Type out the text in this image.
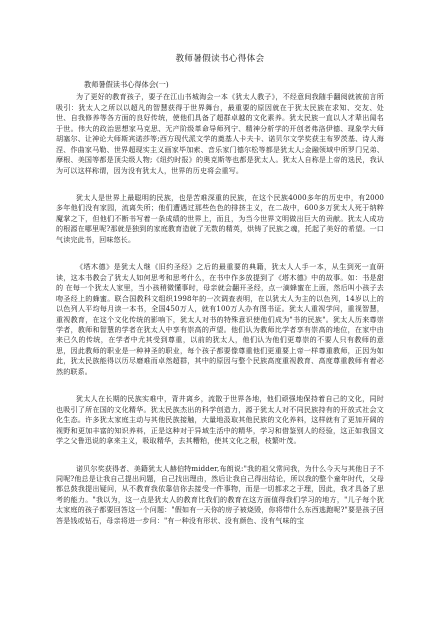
教师暑假读书心得体会
教师暑假读书心得体会(一)

为了更好的教育孩子，要子在江山书城淘会一本《犹太人教子》，不经意间我随手翻阅就被前言所吸引：犹太人之所以以超凡的智慧获得于世界舞台，最重要的原因就在于犹太民族在求知、交友、处世、自我修养等各方面的良好传统，使他们具备了超群卓越的文化素养。犹太民族一直以人才辈出闻名于世。伟大的政治思想家马克思、无产阶级革命导师列宁、精神分析学的开创者弗洛伊德、现象学大师胡塞尔、让神论大师斯宾诺莎等;西方现代派文学的奠基人卡夫卡、诺贝尔文学奖获主布罗茨基、诗人海涅、作曲家马勒、世界超现实主义画家毕加索、音乐家门德尔松等都是犹太人;金融领域中所罗门兄弟、摩根、美国等都是顶尖级人物;《纽约时报》的奥克斯等也都是犹太人。犹太人自称是上帝的选民，我认为可以这样称谓，因为没有犹太人，世界的历史将会重写。

犹太人是世界上最聪明的民族，也是苦难深重的民族，在这个民族4000多年的历史中，有2000多年他们没有家园，流离失所；他们遭遇过那些色色的排挤主义，在二战中，600多万犹太人死于纳粹魔掌之下，但他们不断书写着一条成绩的世界上，而且，为当今世界文明做出巨大的贡献。犹太人成功的根源在哪里呢?那就是独到的家庭教育造就了无数的精英，烘铸了民族之魂，托起了美好的希望。一口气读完此书，回味悠长。

《塔木德》是犹太人继《旧约圣经》之后的最重要的典籍，犹太人人手一本，从生到死一直研读，这本书教会了犹太人如何思考和思考什么，在书中作多放提到了《塔木德》中的故事。如：书是甜的 在每一个犹太人家里，当小孩稍微懂事时，母亲就会翻开圣经，点一滴蜂蜜在上面，然后叫小孩子去吻圣经上的蜂蜜。联合国教科文组织1998年的一次调查表明，在以犹太人为主的以色列，14岁以上的以色列人平均每月读一本书，全国450万人，就有100万人办有图书证。犹太人重视学问，重视智慧，重视教育，在这个文化传统的影响下，犹太人对书的特殊意识使他们成为"书的民族"。犹太人历来尊崇学者，教师和智慧的学者在犹太人中享有崇高的声望。他们认为教师比学者享有崇高的地位，在家中由来已久的传统，在学者中尤其受到尊重，以前的犹太人，他们认为他们更尊崇的不要人只有教师的意思，因此教师的职业是一种神圣的职业，每个孩子都要像尊重他们更重要上帝一样尊重教师，正因为如此，犹太民族能得以历尽磨难而卓然超群，其中的原因与整个民族高度重视教育、高度尊重教师有着必然的联系。

犹太人在长期的民族实难中，背井离乡，流散于世界各地，他们顽强地保持着自己的文化，同时也吸引了所在国的文化精华。犹太民族杰出的科学创造力，源于犹太人对不同民族持有的开放式社会文化生态。许多犹太家庭主动与其他民族接触，大量地汲取其他民族的文化养料，这样就有了更加开阔的视野和更加丰富的知识养料，正是这种对于异域生活中的精华，学习和借鉴别人的经验，这正如我国文学之父鲁迅说的拿来主义，吸取精华，去其糟粕，使其文化之根，枝繁叶茂。

诺贝尔奖获得者、美籍犹太人赫伯特midder,布朗说:"我的祖父常问我，为什么今天与其他日子不同呢?他总是让我自己提出问题，自己找出理由，然后让我自己得出结论，所以我的整个童年时代，父母都总鼓我提出疑问，从不教育我依靠信你去接受一件事物，而是一切都求之于理，因此，我才具备了思考的能力。"我以为，这一点是犹太人的教育比我们的教育在这方面值得我们学习的地方，"儿子每个犹太家庭的孩子都要回答这一个问题："假如有一天你的房子被烧毁，你将带什么东西逃跑呢?"要是孩子回答是钱或钻石，母亲将进一步问："有一种没有形状、没有颜色、没有气味的宝
